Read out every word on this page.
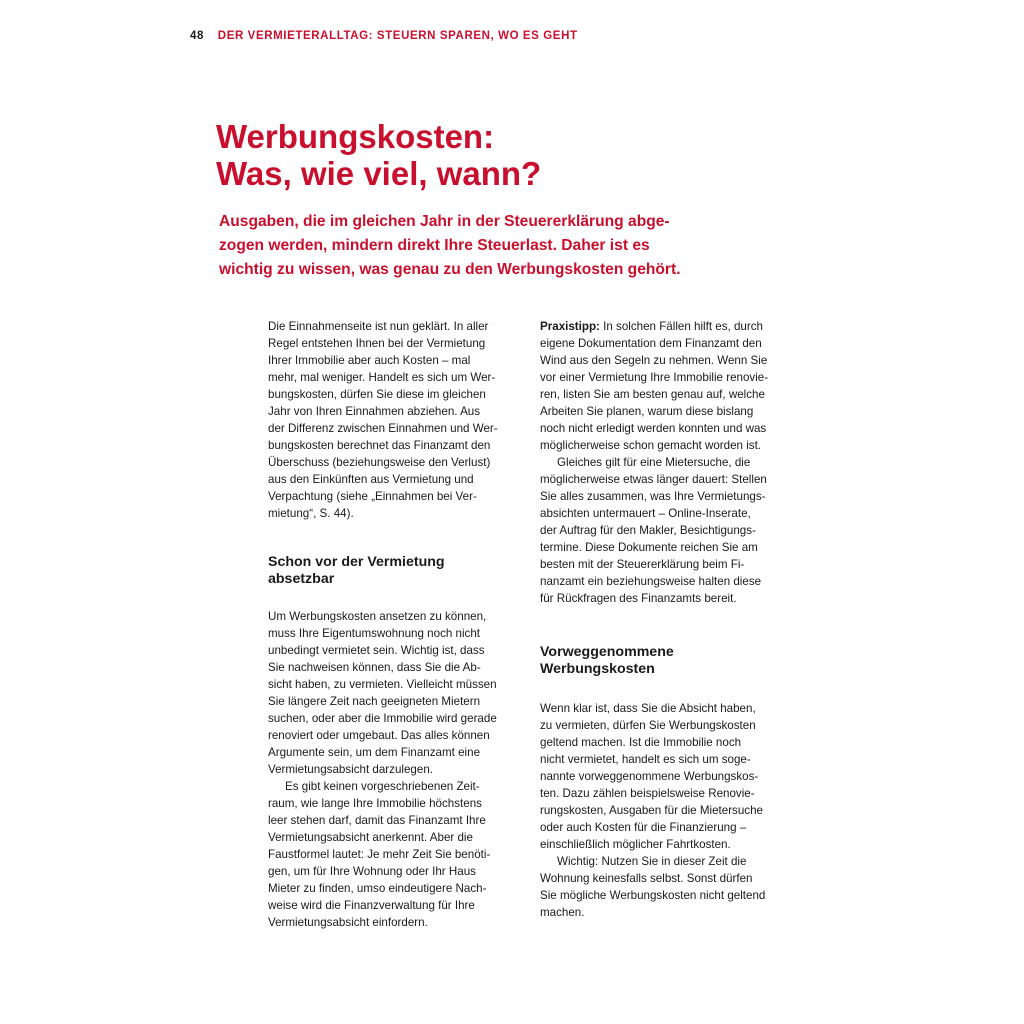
48 DER VERMIETERALLTAG: STEUERN SPAREN, WO ES GEHT
Werbungskosten:
Was, wie viel, wann?

Ausgaben, die im gleichen Jahr in der Steuererklärung abge-
zogen werden, mindern direkt Ihre Steuerlast. Daher ist es
wichtig zu wissen, was genau zu den Werbungskosten gehört.

Die Einnahmenseite ist nun geklärt. In aller
Regel entstehen Ihnen bei der Vermietung
Ihrer Immobilie aber auch Kosten – mal
mehr, mal weniger. Handelt es sich um Wer-
bungskosten, dürfen Sie diese im gleichen
Jahr von Ihren Einnahmen abziehen. Aus
der Differenz zwischen Einnahmen und Wer-
bungskosten berechnet das Finanzamt den
Überschuss (beziehungsweise den Verlust)
aus den Einkünften aus Vermietung und
Verpachtung (siehe „Einnahmen bei Ver-
mietung“, S. 44).

Schon vor der Vermietung
absetzbar

Um Werbungskosten ansetzen zu können,
muss Ihre Eigentumswohnung noch nicht
unbedingt vermietet sein. Wichtig ist, dass
Sie nachweisen können, dass Sie die Ab-
sicht haben, zu vermieten. Vielleicht müssen
Sie längere Zeit nach geeigneten Mietern
suchen, oder aber die Immobilie wird gerade
renoviert oder umgebaut. Das alles können
Argumente sein, um dem Finanzamt eine
Vermietungsabsicht darzulegen.

Es gibt keinen vorgeschriebenen Zeit-
raum, wie lange Ihre Immobilie höchstens
leer stehen darf, damit das Finanzamt Ihre
Vermietungsabsicht anerkennt. Aber die
Faustformel lautet: Je mehr Zeit Sie benöti-
gen, um für Ihre Wohnung oder Ihr Haus
Mieter zu finden, umso eindeutigere Nach-
weise wird die Finanzverwaltung für Ihre
Vermietungsabsicht einfordern.

Praxistipp: In solchen Fällen hilft es, durch
eigene Dokumentation dem Finanzamt den
Wind aus den Segeln zu nehmen. Wenn Sie
vor einer Vermietung Ihre Immobilie renovie-
ren, listen Sie am besten genau auf, welche
Arbeiten Sie planen, warum diese bislang
noch nicht erledigt werden konnten und was
möglicherweise schon gemacht worden ist.

Gleiches gilt für eine Mietersuche, die
möglicherweise etwas länger dauert: Stellen
Sie alles zusammen, was Ihre Vermietungs-
absichten untermauert – Online-Inserate,
der Auftrag für den Makler, Besichtigungs-
termine. Diese Dokumente reichen Sie am
besten mit der Steuererklärung beim Fi-
nanzamt ein beziehungsweise halten diese
für Rückfragen des Finanzamts bereit.

Vorweggenommene
Werbungskosten

Wenn klar ist, dass Sie die Absicht haben,
zu vermieten, dürfen Sie Werbungskosten
geltend machen. Ist die Immobilie noch
nicht vermietet, handelt es sich um soge-
nannte vorweggenommene Werbungskos-
ten. Dazu zählen beispielsweise Renovie-
rungskosten, Ausgaben für die Mietersuche
oder auch Kosten für die Finanzierung –
einschließlich möglicher Fahrtkosten.

Wichtig: Nutzen Sie in dieser Zeit die
Wohnung keinesfalls selbst. Sonst dürfen
Sie mögliche Werbungskosten nicht geltend
machen.
